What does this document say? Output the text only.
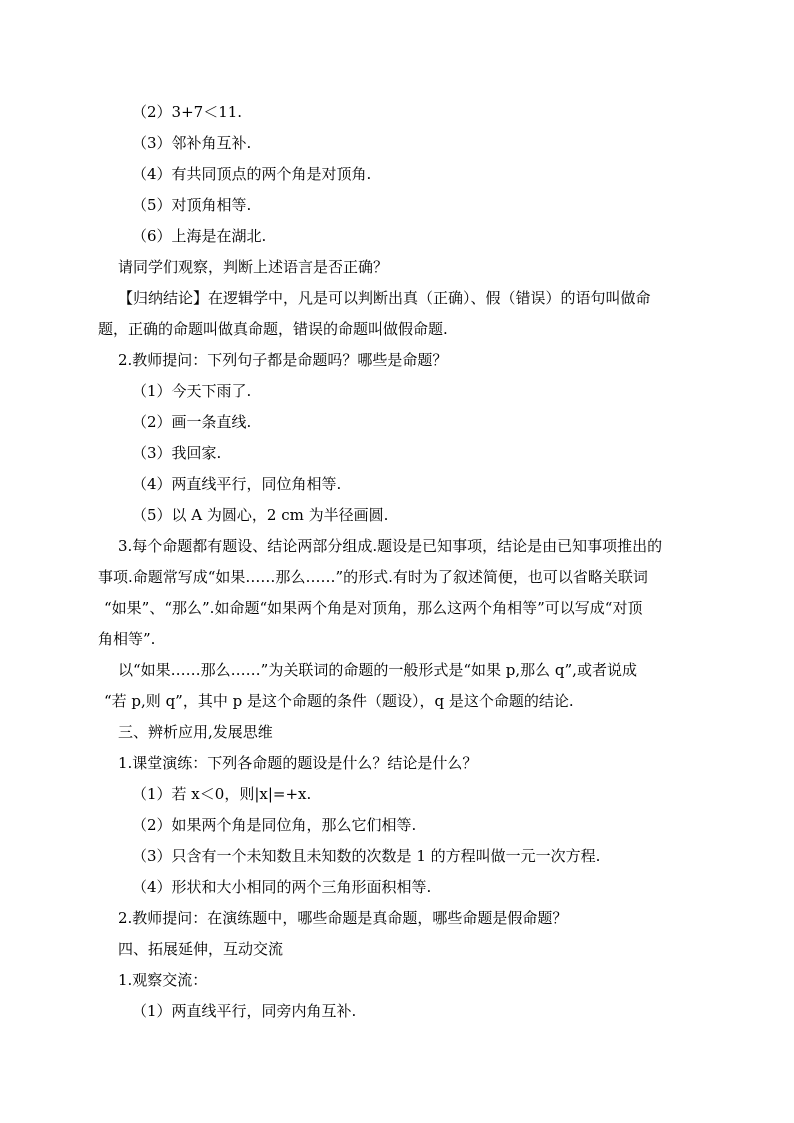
（2）3+7＜11.
（3）邻补角互补.
（4）有共同顶点的两个角是对顶角.
（5）对顶角相等.
（6）上海是在湖北.
请同学们观察，判断上述语言是否正确？
【归纳结论】在逻辑学中，凡是可以判断出真（正确）、假（错误）的语句叫做命
题，正确的命题叫做真命题，错误的命题叫做假命题.
2.教师提问：下列句子都是命题吗？哪些是命题？
（1）今天下雨了.
（2）画一条直线.
（3）我回家.
（4）两直线平行，同位角相等.
（5）以 A 为圆心，2 cm 为半径画圆.
3.每个命题都有题设、结论两部分组成.题设是已知事项，结论是由已知事项推出的
事项.命题常写成“如果……那么……”的形式.有时为了叙述简便，也可以省略关联词
“如果”、“那么”.如命题“如果两个角是对顶角，那么这两个角相等”可以写成“对顶
角相等”.
以“如果……那么……”为关联词的命题的一般形式是“如果 p,那么 q”,或者说成
“若 p,则 q”，其中 p 是这个命题的条件（题设），q 是这个命题的结论.
三、辨析应用,发展思维
1.课堂演练：下列各命题的题设是什么？结论是什么？
（1）若 x＜0，则|x|=+x.
（2）如果两个角是同位角，那么它们相等.
（3）只含有一个未知数且未知数的次数是 1 的方程叫做一元一次方程.
（4）形状和大小相同的两个三角形面积相等.
2.教师提问：在演练题中，哪些命题是真命题，哪些命题是假命题？
四、拓展延伸，互动交流
1.观察交流：
（1）两直线平行，同旁内角互补.
